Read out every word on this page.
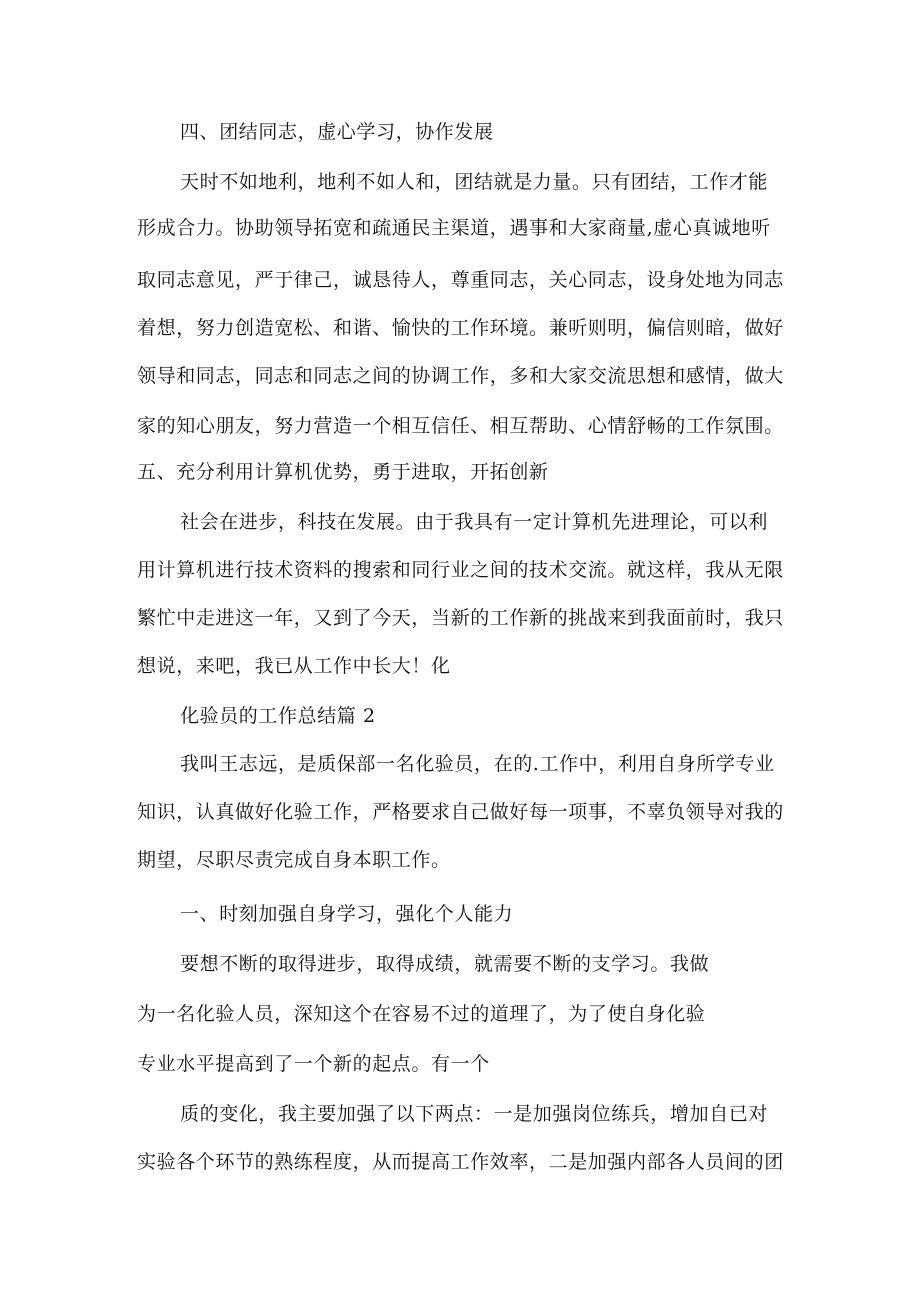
四、团结同志，虚心学习，协作发展
天时不如地利，地利不如人和，团结就是力量。只有团结，工作才能
形成合力。协助领导拓宽和疏通民主渠道，遇事和大家商量,虚心真诚地听
取同志意见，严于律己，诚恳待人，尊重同志，关心同志，设身处地为同志
着想，努力创造宽松、和谐、愉快的工作环境。兼听则明，偏信则暗，做好
领导和同志，同志和同志之间的协调工作，多和大家交流思想和感情，做大
家的知心朋友，努力营造一个相互信任、相互帮助、心情舒畅的工作氛围。
五、充分利用计算机优势，勇于进取，开拓创新
社会在进步，科技在发展。由于我具有一定计算机先进理论，可以利
用计算机进行技术资料的搜索和同行业之间的技术交流。就这样，我从无限
繁忙中走进这一年，又到了今天，当新的工作新的挑战来到我面前时，我只
想说，来吧，我已从工作中长大！化
化验员的工作总结篇 2
我叫王志远，是质保部一名化验员，在的.工作中，利用自身所学专业
知识，认真做好化验工作，严格要求自己做好每一项事，不辜负领导对我的
期望，尽职尽责完成自身本职工作。
一、时刻加强自身学习，强化个人能力
要想不断的取得进步，取得成绩，就需要不断的支学习。我做
为一名化验人员，深知这个在容易不过的道理了，为了使自身化验
专业水平提高到了一个新的起点。有一个
质的变化，我主要加强了以下两点：一是加强岗位练兵，增加自已对
实验各个环节的熟练程度，从而提高工作效率，二是加强内部各人员间的团
